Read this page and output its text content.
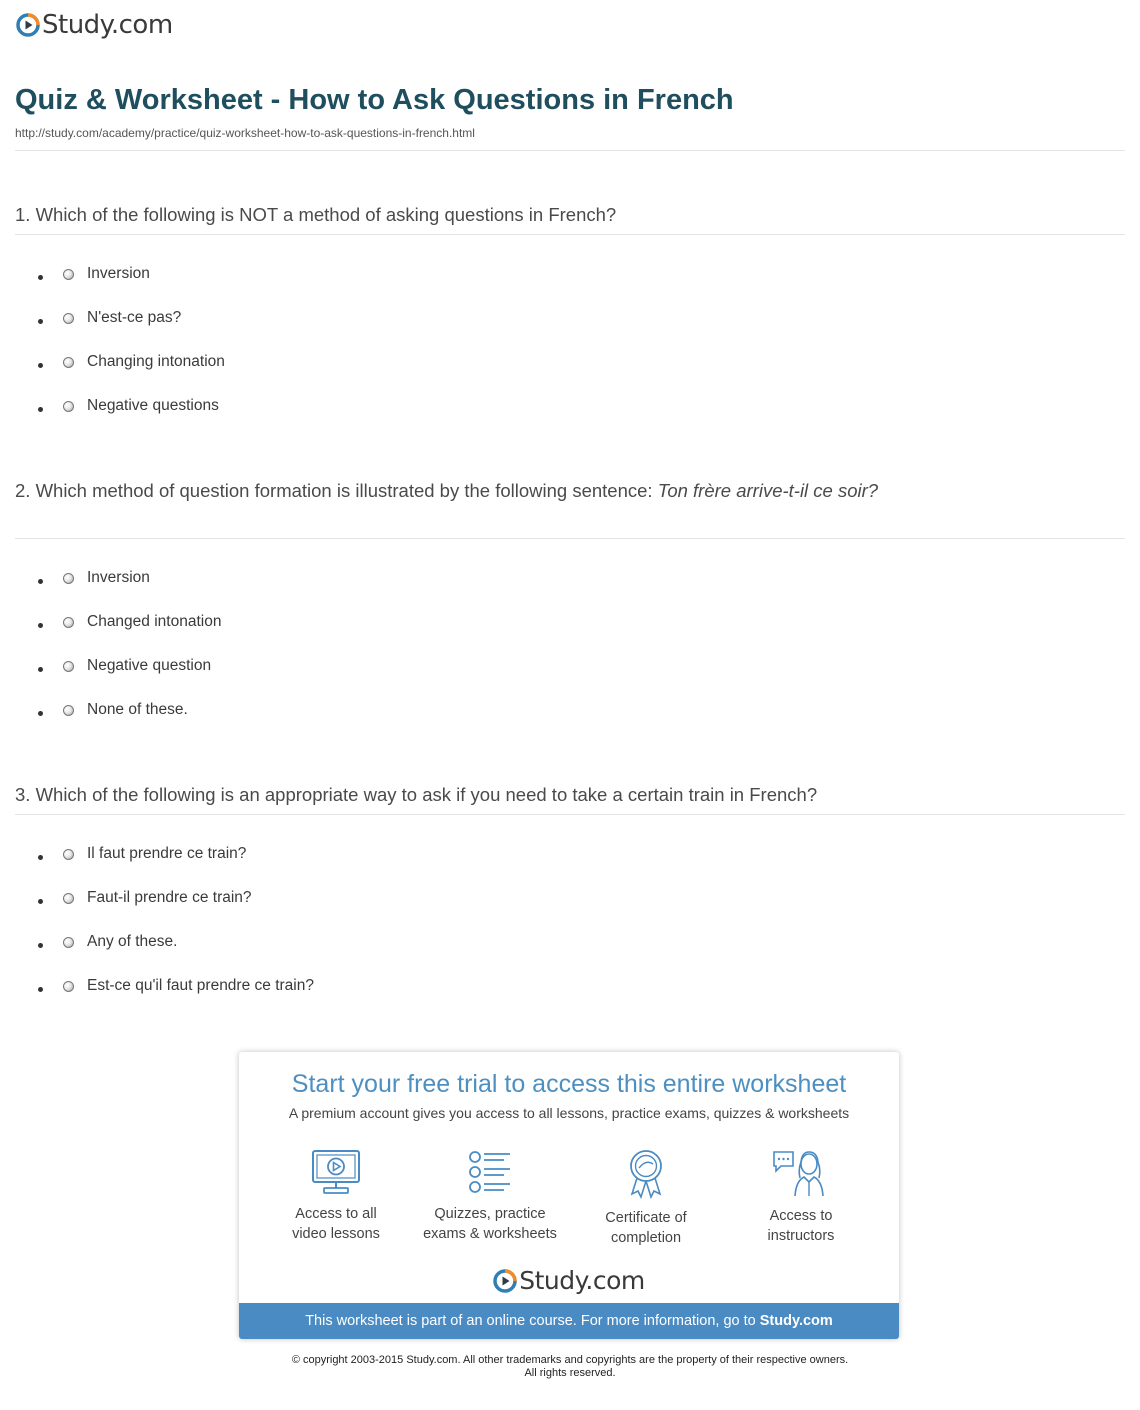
Study.com
Quiz & Worksheet - How to Ask Questions in French
http://study.com/academy/practice/quiz-worksheet-how-to-ask-questions-in-french.html
1. Which of the following is NOT a method of asking questions in French?
Inversion
N'est-ce pas?
Changing intonation
Negative questions
2. Which method of question formation is illustrated by the following sentence: Ton frère arrive-t-il ce soir?
Inversion
Changed intonation
Negative question
None of these.
3. Which of the following is an appropriate way to ask if you need to take a certain train in French?
Il faut prendre ce train?
Faut-il prendre ce train?
Any of these.
Est-ce qu'il faut prendre ce train?
Start your free trial to access this entire worksheet
A premium account gives you access to all lessons, practice exams, quizzes & worksheets
Access to all
video lessons
Quizzes, practice
exams & worksheets
Certificate of
completion
Access to
instructors
Study.com
This worksheet is part of an online course. For more information, go to Study.com
© copyright 2003-2015 Study.com. All other trademarks and copyrights are the property of their respective owners.
All rights reserved.
